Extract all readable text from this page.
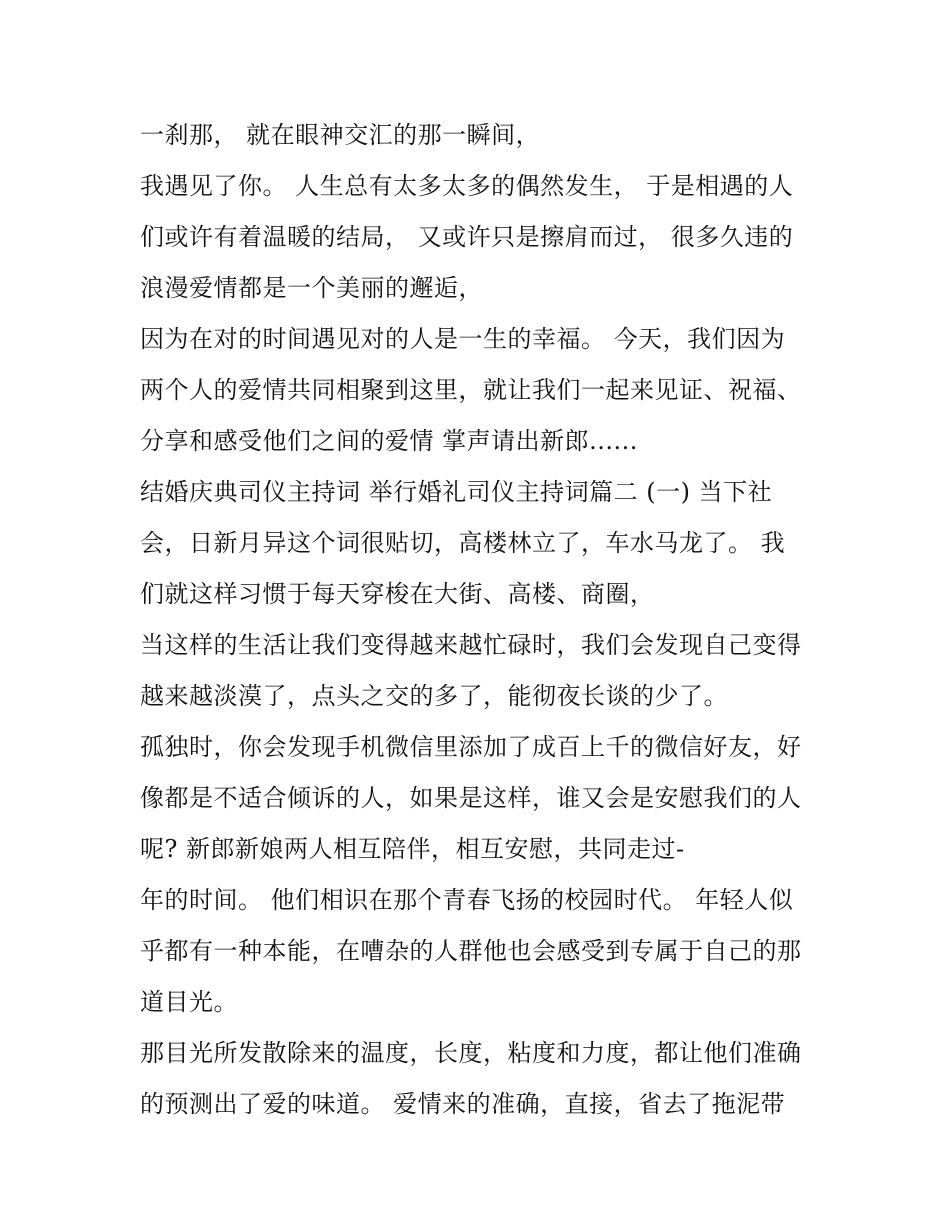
一刹那， 就在眼神交汇的那一瞬间，
我遇见了你。 人生总有太多太多的偶然发生， 于是相遇的人
们或许有着温暖的结局， 又或许只是擦肩而过， 很多久违的
浪漫爱情都是一个美丽的邂逅，
因为在对的时间遇见对的人是一生的幸福。 今天，我们因为
两个人的爱情共同相聚到这里，就让我们一起来见证、祝福、
分享和感受他们之间的爱情 掌声请出新郎......
结婚庆典司仪主持词 举行婚礼司仪主持词篇二 (一) 当下社
会，日新月异这个词很贴切，高楼林立了，车水马龙了。 我
们就这样习惯于每天穿梭在大街、高楼、商圈，
当这样的生活让我们变得越来越忙碌时，我们会发现自己变得
越来越淡漠了，点头之交的多了，能彻夜长谈的少了。
孤独时，你会发现手机微信里添加了成百上千的微信好友，好
像都是不适合倾诉的人，如果是这样，谁又会是安慰我们的人
呢? 新郎新娘两人相互陪伴，相互安慰，共同走过-
年的时间。 他们相识在那个青春飞扬的校园时代。 年轻人似
乎都有一种本能，在嘈杂的人群他也会感受到专属于自己的那
道目光。
那目光所发散除来的温度，长度，粘度和力度，都让他们准确
的预测出了爱的味道。 爱情来的准确，直接，省去了拖泥带
